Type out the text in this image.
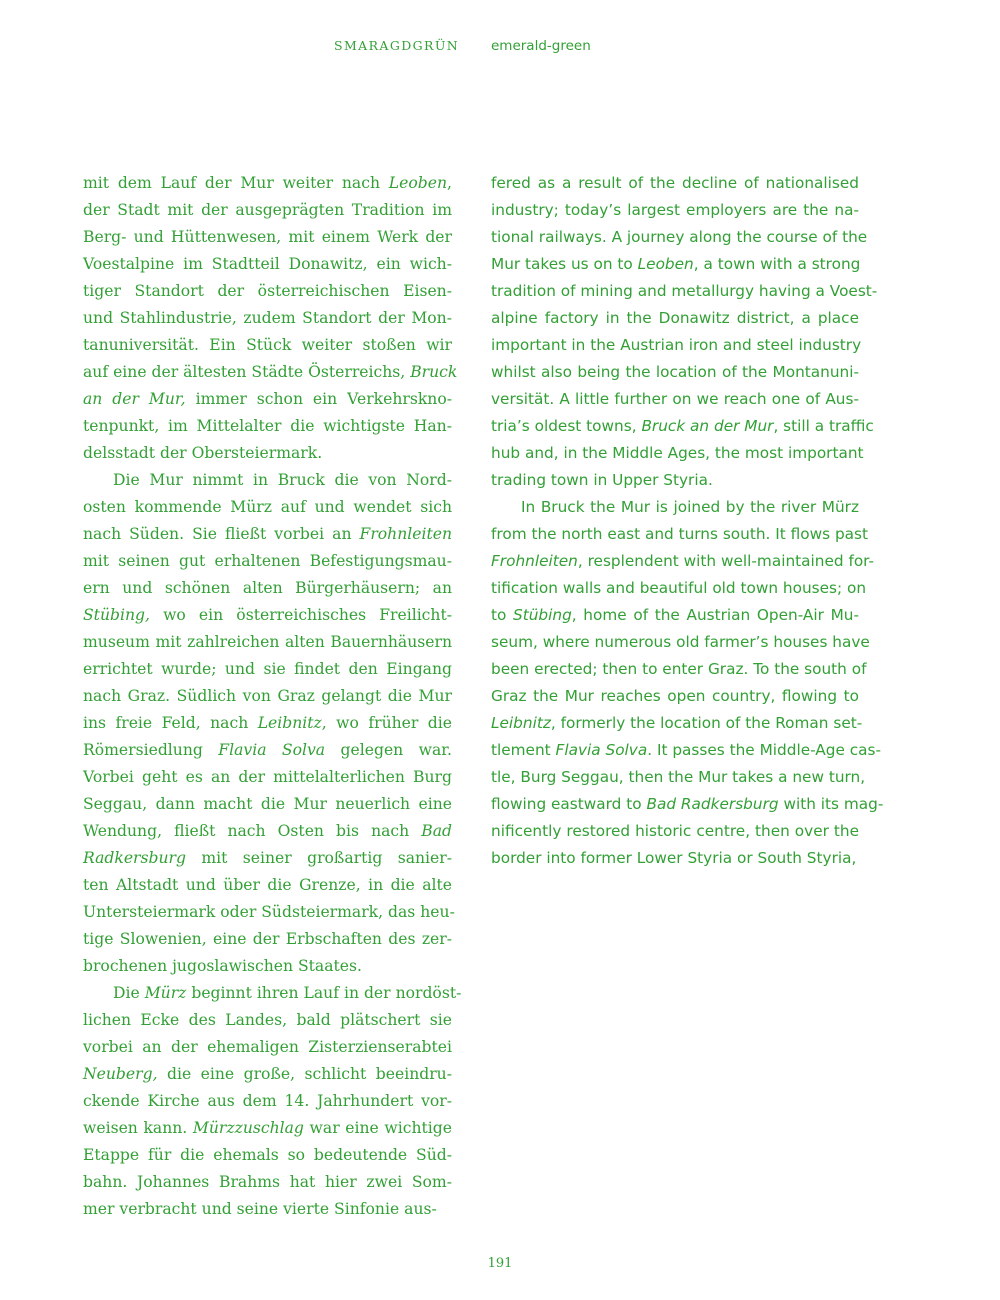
SMARAGDGRÜN emerald-green
mit dem Lauf der Mur weiter nach Leoben,
der Stadt mit der ausgeprägten Tradition im
Berg- und Hüttenwesen, mit einem Werk der
Voestalpine im Stadtteil Donawitz, ein wich-
tiger Standort der österreichischen Eisen-
und Stahlindustrie, zudem Standort der Mon-
tanuniversität. Ein Stück weiter stoßen wir
auf eine der ältesten Städte Österreichs, Bruck
an der Mur, immer schon ein Verkehrskno-
tenpunkt, im Mittelalter die wichtigste Han-
delsstadt der Obersteiermark.
Die Mur nimmt in Bruck die von Nord-
osten kommende Mürz auf und wendet sich
nach Süden. Sie fließt vorbei an Frohnleiten
mit seinen gut erhaltenen Befestigungsmau-
ern und schönen alten Bürgerhäusern; an
Stübing, wo ein österreichisches Freilicht-
museum mit zahlreichen alten Bauernhäusern
errichtet wurde; und sie findet den Eingang
nach Graz. Südlich von Graz gelangt die Mur
ins freie Feld, nach Leibnitz, wo früher die
Römersiedlung Flavia Solva gelegen war.
Vorbei geht es an der mittelalterlichen Burg
Seggau, dann macht die Mur neuerlich eine
Wendung, fließt nach Osten bis nach Bad
Radkersburg mit seiner großartig sanier-
ten Altstadt und über die Grenze, in die alte
Untersteiermark oder Südsteiermark, das heu-
tige Slowenien, eine der Erbschaften des zer-
brochenen jugoslawischen Staates.
Die Mürz beginnt ihren Lauf in der nordöst-
lichen Ecke des Landes, bald plätschert sie
vorbei an der ehemaligen Zisterzienserabtei
Neuberg, die eine große, schlicht beeindru-
ckende Kirche aus dem 14. Jahrhundert vor-
weisen kann. Mürzzuschlag war eine wichtige
Etappe für die ehemals so bedeutende Süd-
bahn. Johannes Brahms hat hier zwei Som-
mer verbracht und seine vierte Sinfonie aus-
fered as a result of the decline of nationalised
industry; today’s largest employers are the na-
tional railways. A journey along the course of the
Mur takes us on to Leoben, a town with a strong
tradition of mining and metallurgy having a Voest-
alpine factory in the Donawitz district, a place
important in the Austrian iron and steel industry
whilst also being the location of the Montanuni-
versität. A little further on we reach one of Aus-
tria’s oldest towns, Bruck an der Mur, still a traffic
hub and, in the Middle Ages, the most important
trading town in Upper Styria.
In Bruck the Mur is joined by the river Mürz
from the north east and turns south. It flows past
Frohnleiten, resplendent with well-maintained for-
tification walls and beautiful old town houses; on
to Stübing, home of the Austrian Open-Air Mu-
seum, where numerous old farmer’s houses have
been erected; then to enter Graz. To the south of
Graz the Mur reaches open country, flowing to
Leibnitz, formerly the location of the Roman set-
tlement Flavia Solva. It passes the Middle-Age cas-
tle, Burg Seggau, then the Mur takes a new turn,
flowing eastward to Bad Radkersburg with its mag-
nificently restored historic centre, then over the
border into former Lower Styria or South Styria,
191
